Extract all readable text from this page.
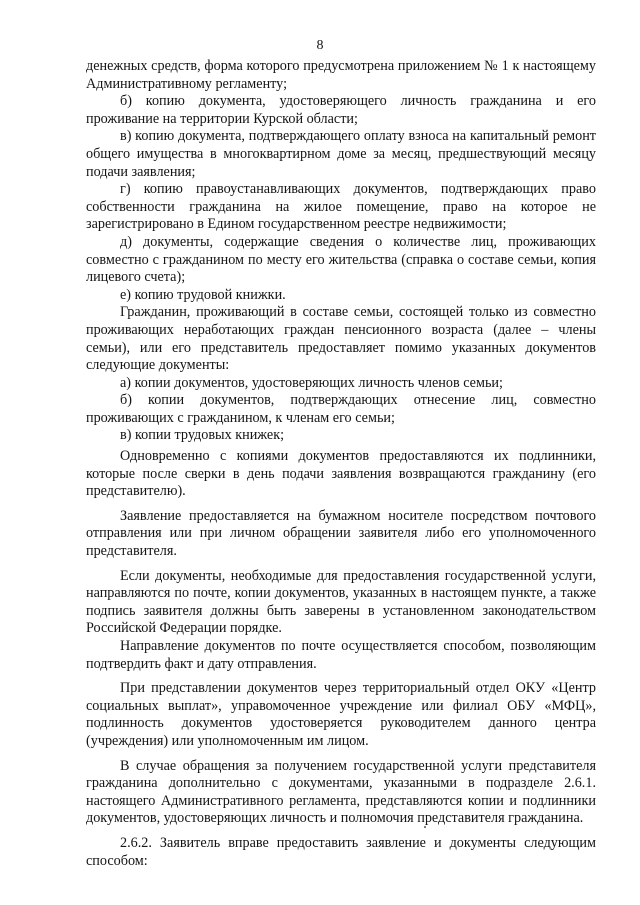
8

денежных средств, форма которого предусмотрена приложением № 1 к настоящему Административному регламенту;

б) копию документа, удостоверяющего личность гражданина и его проживание на территории Курской области;

в) копию документа, подтверждающего оплату взноса на капитальный ремонт общего имущества в многоквартирном доме за месяц, предшествующий месяцу подачи заявления;

г) копию правоустанавливающих документов, подтверждающих право собственности гражданина на жилое помещение, право на которое не зарегистрировано в Едином государственном реестре недвижимости;

д) документы, содержащие сведения о количестве лиц, проживающих совместно с гражданином по месту его жительства (справка о составе семьи, копия лицевого счета);

е) копию трудовой книжки.

Гражданин, проживающий в составе семьи, состоящей только из совместно проживающих неработающих граждан пенсионного возраста (далее – члены семьи), или его представитель предоставляет помимо указанных документов следующие документы:

а) копии документов, удостоверяющих личность членов семьи;

б) копии документов, подтверждающих отнесение лиц, совместно проживающих с гражданином, к членам его семьи;

в) копии трудовых книжек;

Одновременно с копиями документов предоставляются их подлинники, которые после сверки в день подачи заявления возвращаются гражданину (его представителю).

Заявление предоставляется на бумажном носителе посредством почтового отправления или при личном обращении заявителя либо его уполномоченного представителя.

Если документы, необходимые для предоставления государственной услуги, направляются по почте, копии документов, указанных в настоящем пункте, а также подпись заявителя должны быть заверены в установленном законодательством Российской Федерации порядке.

Направление документов по почте осуществляется способом, позволяющим подтвердить факт и дату отправления.

При представлении документов через территориальный отдел ОКУ «Центр социальных выплат», управомоченное учреждение или филиал ОБУ «МФЦ», подлинность документов удостоверяется руководителем данного центра (учреждения) или уполномоченным им лицом.

В случае обращения за получением государственной услуги представителя гражданина дополнительно с документами, указанными в подразделе 2.6.1. настоящего Административного регламента, представляются копии и подлинники документов, удостоверяющих личность и полномочия представителя гражданина.

2.6.2. Заявитель вправе предоставить заявление и документы следующим способом:
